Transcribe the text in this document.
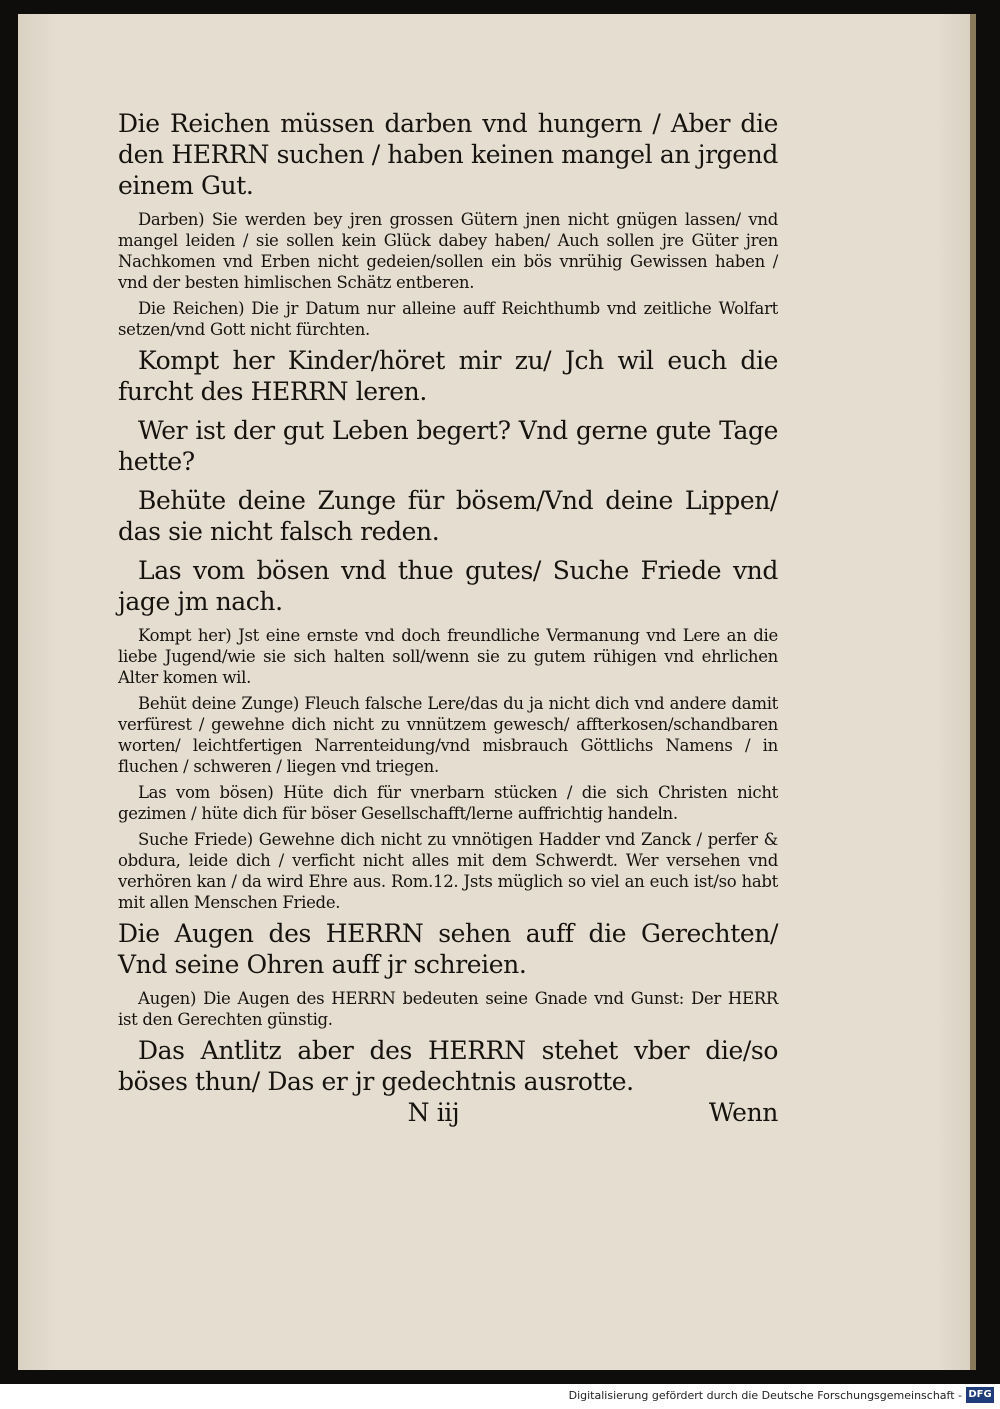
Die Reichen müssen darben vnd hungern / Aber die den HERRN suchen / haben keinen mangel an jrgend einem Gut.

Darben) Sie werden bey jren grossen Gütern jnen nicht gnügen lassen/ vnd mangel leiden / sie sollen kein Glück dabey haben/ Auch sollen jre Güter jren Nachkomen vnd Erben nicht gedeien/sollen ein bös vnrühig Gewissen haben / vnd der besten himlischen Schätz entberen.

Die Reichen) Die jr Datum nur alleine auff Reichthumb vnd zeitliche Wolfart setzen/vnd Gott nicht fürchten.

Kompt her Kinder/höret mir zu/ Jch wil euch die furcht des HERRN leren.

Wer ist der gut Leben begert? Vnd gerne gute Tage hette?

Behüte deine Zunge für bösem/Vnd deine Lippen/ das sie nicht falsch reden.

Las vom bösen vnd thue gutes/ Suche Friede vnd jage jm nach.

Kompt her) Jst eine ernste vnd doch freundliche Vermanung vnd Lere an die liebe Jugend/wie sie sich halten soll/wenn sie zu gutem rühigen vnd ehrlichen Alter komen wil.

Behüt deine Zunge) Fleuch falsche Lere/das du ja nicht dich vnd andere damit verfürest / gewehne dich nicht zu vnnützem gewesch/ affterkosen/schandbaren worten/ leichtfertigen Narrenteidung/vnd misbrauch Göttlichs Namens / in fluchen / schweren / liegen vnd triegen.

Las vom bösen) Hüte dich für vnerbarn stücken / die sich Christen nicht gezimen / hüte dich für böser Gesellschafft/lerne auffrichtig handeln.

Suche Friede) Gewehne dich nicht zu vnnötigen Hadder vnd Zanck / perfer & obdura, leide dich / verficht nicht alles mit dem Schwerdt. Wer versehen vnd verhören kan / da wird Ehre aus. Rom.12. Jsts müglich so viel an euch ist/so habt mit allen Menschen Friede.

Die Augen des HERRN sehen auff die Gerechten/ Vnd seine Ohren auff jr schreien.

Augen) Die Augen des HERRN bedeuten seine Gnade vnd Gunst: Der HERR ist den Gerechten günstig.

Das Antlitz aber des HERRN stehet vber die/so böses thun/ Das er jr gedechtnis ausrotte.

N iij	Wenn
Digitalisierung gefördert durch die Deutsche Forschungsgemeinschaft - DFG
